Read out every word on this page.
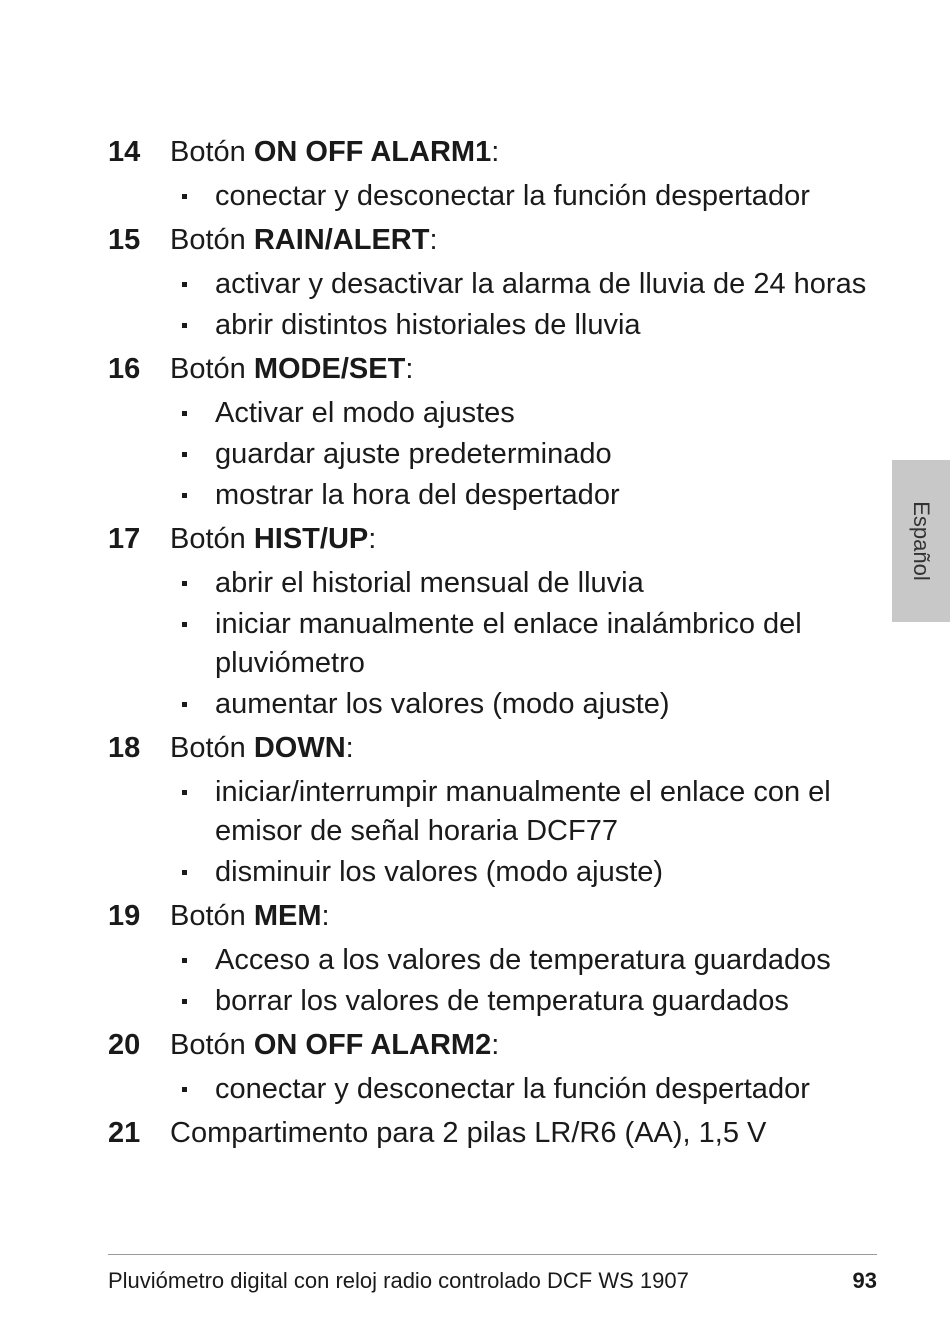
14	Botón ON OFF ALARM1:
conectar y desconectar la función despertador
15	Botón RAIN/ALERT:
activar y desactivar la alarma de lluvia de 24 horas
abrir distintos historiales de lluvia
16	Botón MODE/SET:
Activar el modo ajustes
guardar ajuste predeterminado
mostrar la hora del despertador
17	Botón HIST/UP:
abrir el historial mensual de lluvia
iniciar manualmente el enlace inalámbrico del
pluviómetro
aumentar los valores (modo ajuste)
18	Botón DOWN:
iniciar/interrumpir manualmente el enlace con el
emisor de señal horaria DCF77
disminuir los valores (modo ajuste)
19	Botón MEM:
Acceso a los valores de temperatura guardados
borrar los valores de temperatura guardados
20	Botón ON OFF ALARM2:
conectar y desconectar la función despertador
21	Compartimento para 2 pilas LR/R6 (AA), 1,5 V
Español
Pluviómetro digital con reloj radio controlado DCF WS 1907	93
